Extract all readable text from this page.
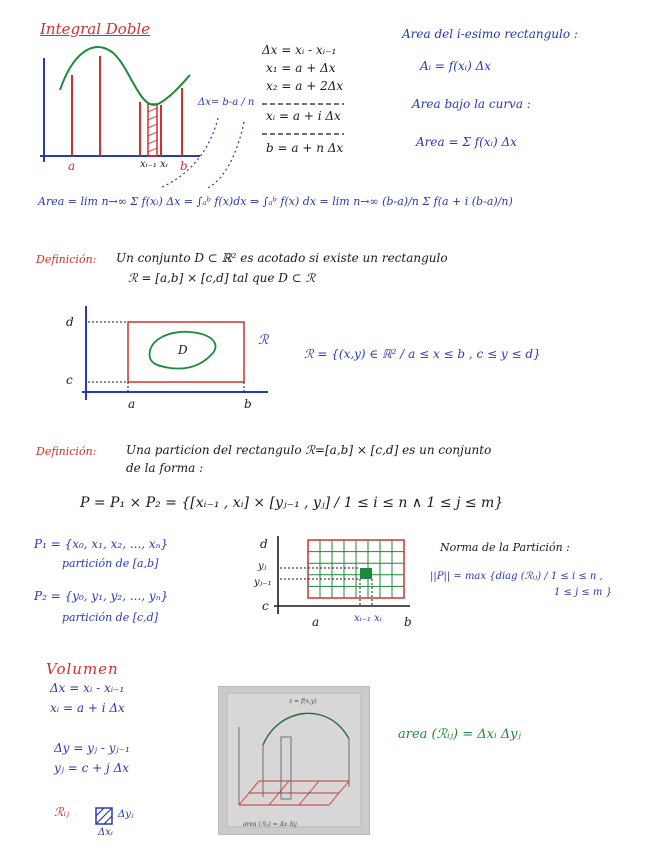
Integral Doble
a	xᵢ₋₁ xᵢ b
Δx= b-a / n
Δx = xᵢ - xᵢ₋₁
x₁ = a + Δx
x₂ = a + 2Δx
xᵢ = a + i Δx
b = a + n Δx
Area del i-esimo rectangulo :
Aᵢ = f(xᵢ) Δx
Area bajo la curva :
Area = Σ f(xᵢ) Δx
Area = lim n→∞ Σ f(xᵢ) Δx = ∫ₐᵇ f(x)dx ⇒ ∫ₐᵇ f(x) dx = lim n→∞ (b-a)/n Σ f(a + i (b-a)/n)
Definición: Un conjunto D ⊂ ℝ² es acotado si existe un rectangulo
ℛ = [a,b] × [c,d] tal que D ⊂ ℛ
d
c
a	b
D
ℛ
ℛ = {(x,y) ∈ ℝ² / a ≤ x ≤ b , c ≤ y ≤ d}
Definición: Una particion del rectangulo ℛ=[a,b] × [c,d] es un conjunto
de la forma :
P = P₁ × P₂ = {[xᵢ₋₁ , xᵢ] × [yⱼ₋₁ , yⱼ] / 1 ≤ i ≤ n ∧ 1 ≤ j ≤ m}
P₁ = {x₀, x₁, x₂, ..., xₙ}
partición de [a,b]
P₂ = {y₀, y₁, y₂, ..., yₙ}
partición de [c,d]
d
yⱼ
yⱼ₋₁
c
a	xᵢ₋₁ xᵢ b
Norma de la Partición :
||P|| = max {diag (ℛᵢⱼ) / 1 ≤ i ≤ n ,
1 ≤ j ≤ m }
Volumen
Δx = xᵢ - xᵢ₋₁
xᵢ = a + i Δx
Δy = yⱼ - yⱼ₋₁
yⱼ = c + j Δx
ℛᵢⱼ	Δyⱼ
Δxᵢ
z = f(x,y)
area (ℛᵢⱼ) = Δx Δy
area (ℛᵢⱼ) = Δxᵢ Δyⱼ
